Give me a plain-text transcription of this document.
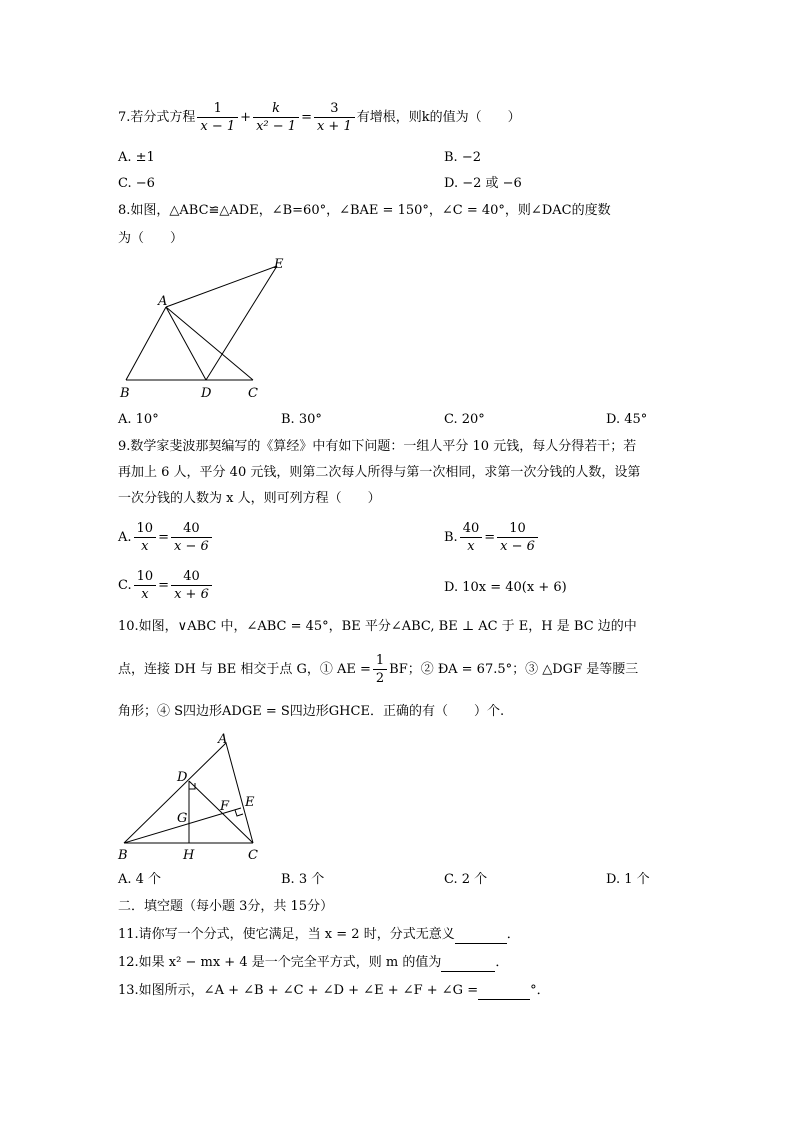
7.若分式方程 $\frac{1}{x - 1} + \frac{k}{\text{x² − 1}} = \frac{3}{x + 1}$ 有增根，则k的值为（　　）
A. ±1	B. −2
C. −6	D. −2 或 −6
8.如图，△ABC≌△ADE，∠B=60°，∠BAE = 150°，∠C = 40°，则∠DAC的度数
为（　　）
A
B	C
D
E
A. 10°	B. 30°	C. 20°	D. 45°
9.数学家斐波那契编写的《算经》中有如下问题：一组人平分 10 元钱，每人分得若干；若
再加上 6 人，平分 40 元钱，则第二次每人所得与第一次相同，求第一次分钱的人数，设第
一次分钱的人数为 x 人，则可列方程（　　）
A. $\frac{10}{x} = \frac{40}{x - 6}$	B. $\frac{40}{x} = \frac{10}{x - 6}$
C. $\frac{10}{x} = \frac{40}{x + 6}$	D. 10x = 40(x + 6)
10.如图，∨ABC 中，∠ABC = 45°，BE 平分∠ABC, BE ⊥ AC 于 E，H 是 BC 边的中
点，连接 DH 与 BE 相交于点 G，① AE = $\frac{1}{2}$ BF；② ÐA = 67.5°；③ △DGF 是等腰三
角形；④ S四边形ADGE = S四边形GHCE．正确的有（　　）个.
A
B	C
D
E
F
G
H
A. 4 个	B. 3 个	C. 2 个	D. 1 个
二．填空题（每小题 3分，共 15分）
11.请你写一个分式，使它满足，当 x = 2 时，分式无意义	．
12.如果 x² − mx + 4 是一个完全平方式，则 m 的值为	．
13.如图所示，∠A + ∠B + ∠C + ∠D + ∠E + ∠F + ∠G =	°．
